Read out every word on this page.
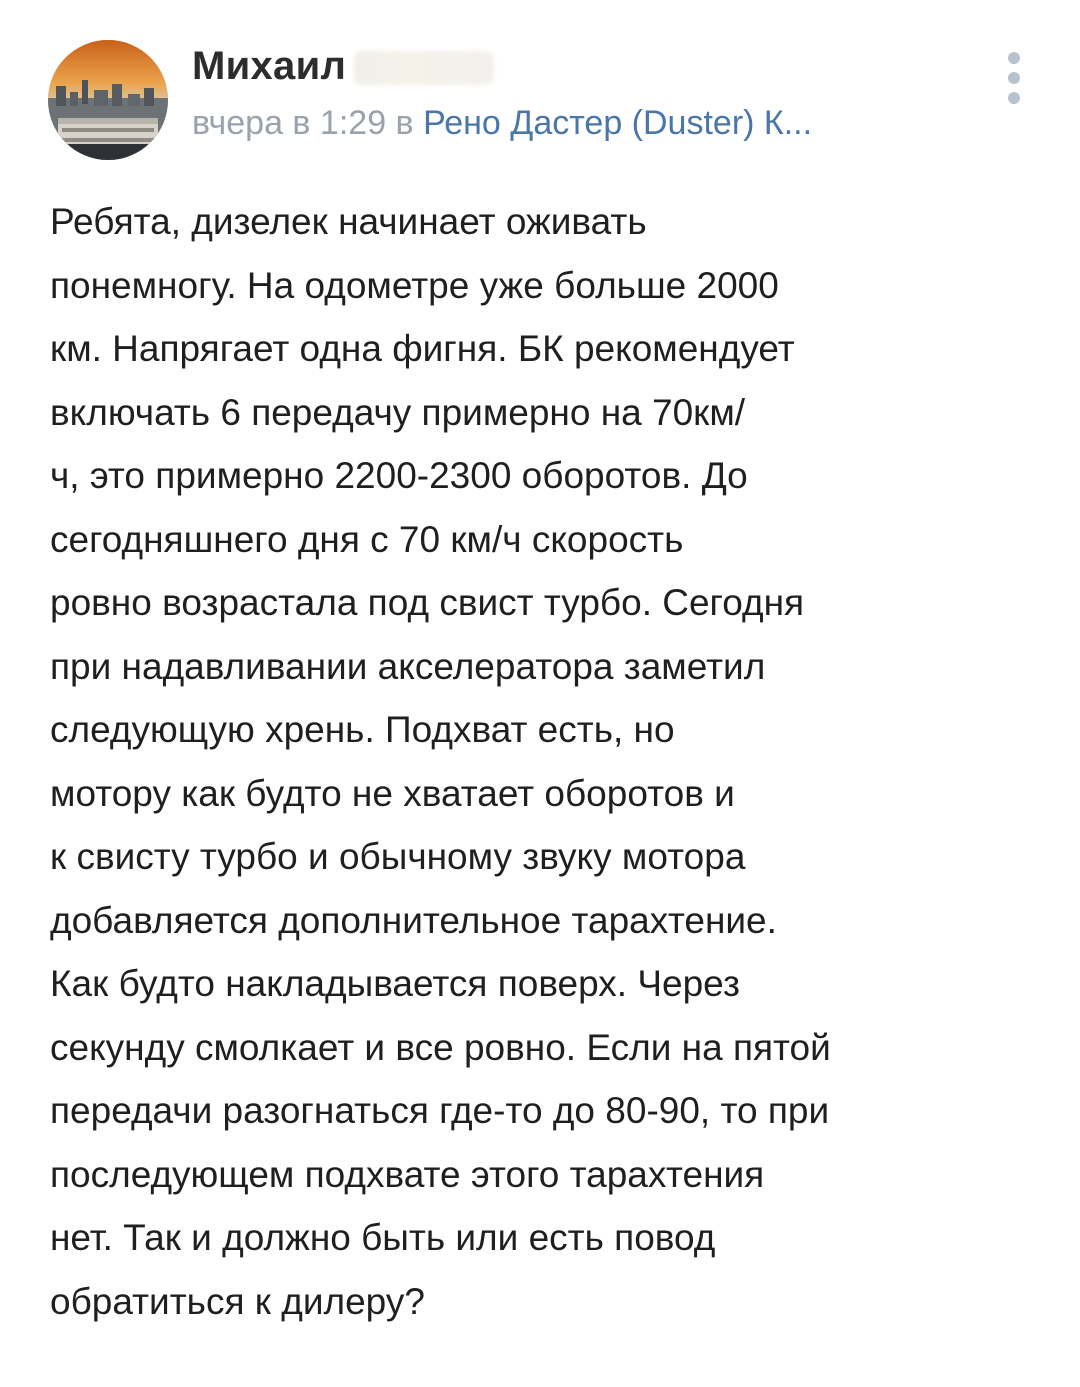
Михаил
вчера в 1:29 в Рено Дастер (Duster) К...
Ребята, дизелек начинает оживать
понемногу. На одометре уже больше 2000
км. Напрягает одна фигня. БК рекомендует
включать 6 передачу примерно на 70км/
ч, это примерно 2200-2300 оборотов. До
сегодняшнего дня с 70 км/ч скорость
ровно возрастала под свист турбо. Сегодня
при надавливании акселератора заметил
следующую хрень. Подхват есть, но
мотору как будто не хватает оборотов и
к свисту турбо и обычному звуку мотора
добавляется дополнительное тарахтение.
Как будто накладывается поверх. Через
секунду смолкает и все ровно. Если на пятой
передачи разогнаться где-то до 80-90, то при
последующем подхвате этого тарахтения
нет. Так и должно быть или есть повод
обратиться к дилеру?
